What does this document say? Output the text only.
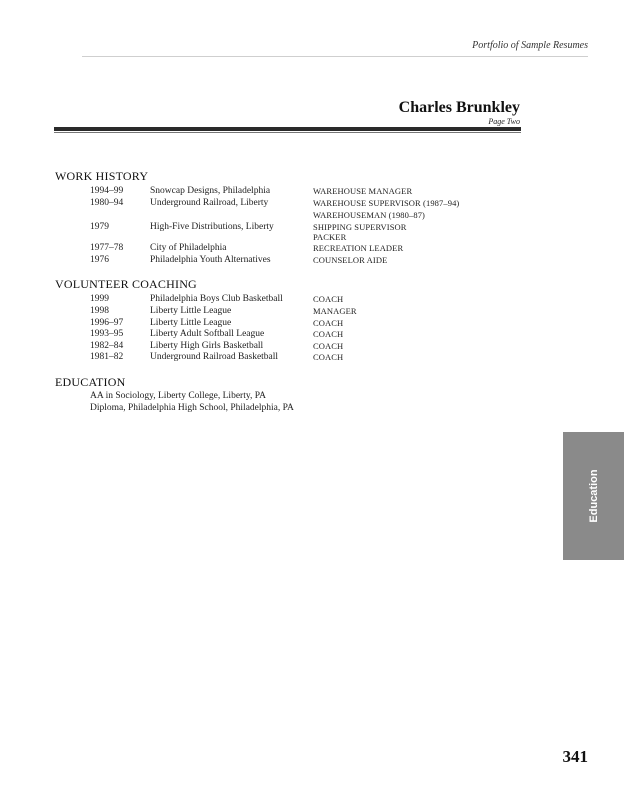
Portfolio of Sample Resumes
Charles Brunkley
Page Two
WORK HISTORY
1994–99	Snowcap Designs, Philadelphia	WAREHOUSE MANAGER
1980–94	Underground Railroad, Liberty	WAREHOUSE SUPERVISOR (1987–94)
WAREHOUSEMAN (1980–87)
1979	High-Five Distributions, Liberty	SHIPPING SUPERVISOR
PACKER
1977–78	City of Philadelphia	RECREATION LEADER
1976	Philadelphia Youth Alternatives	COUNSELOR AIDE
VOLUNTEER COACHING
1999	Philadelphia Boys Club Basketball	COACH
1998	Liberty Little League	MANAGER
1996–97	Liberty Little League	COACH
1993–95	Liberty Adult Softball League	COACH
1982–84	Liberty High Girls Basketball	COACH
1981–82	Underground Railroad Basketball	COACH
EDUCATION
AA in Sociology, Liberty College, Liberty, PA
Diploma, Philadelphia High School, Philadelphia, PA
Education
341
